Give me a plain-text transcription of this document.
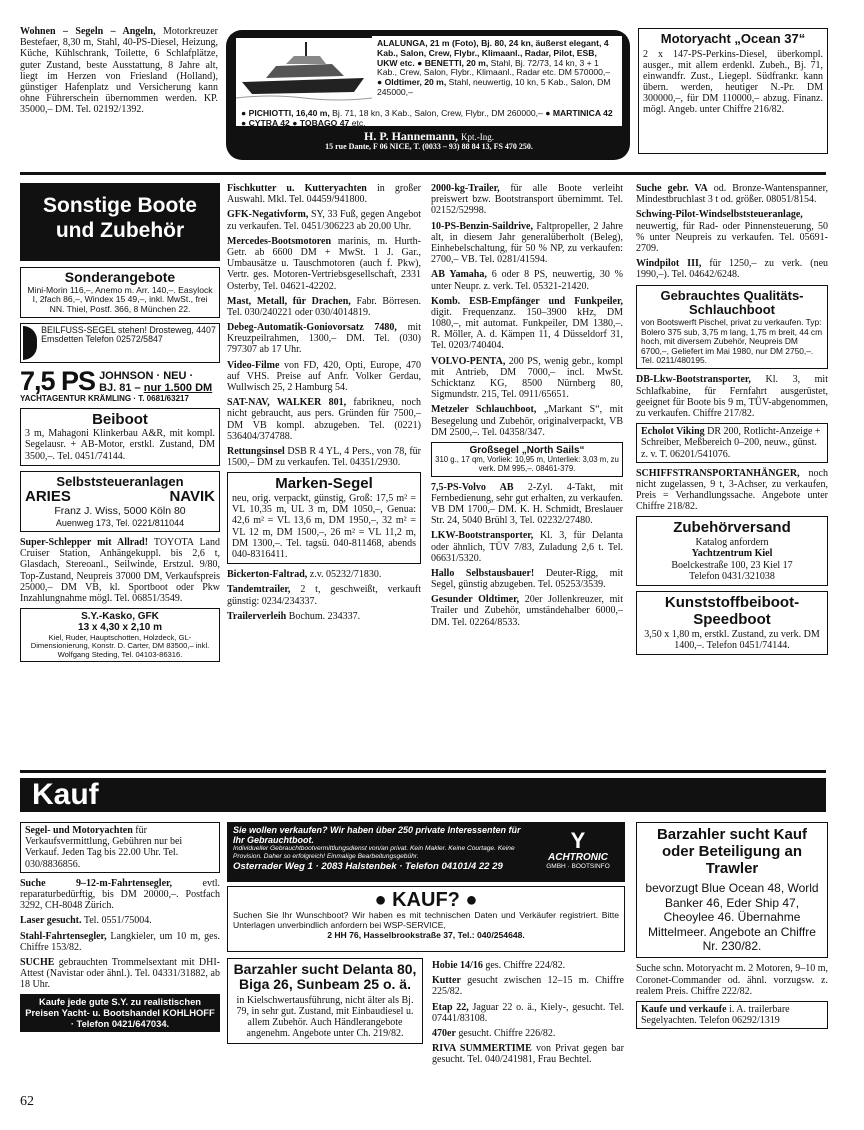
Wohnen – Segeln – Angeln, Motorkreuzer Bestefaer, 8,30 m, Stahl, 40-PS-Diesel, Heizung, Küche, Kühlschrank, Toilette, 6 Schlafplätze, guter Zustand, beste Ausstattung, 8 Jahre alt, liegt im Herzen von Friesland (Holland), günstiger Hafenplatz und Versicherung kann ohne Führerschein übernommen werden. KP. 35000,– DM. Tel. 02192/1392.
ALALUNGA, 21 m (Foto), Bj. 80, 24 kn, äußerst elegant, 4 Kab., Salon, Crew, Flybr., Klimaanl., Radar, Pilot, ESB, UKW etc. ● BENETTI, 20 m, Stahl, Bj. 72/73, 14 kn, 3 + 1 Kab., Crew, Salon, Flybr., Klimaanl., Radar etc. DM 570000,– ● Oldtimer, 20 m, Stahl, neuwertig, 10 kn, 5 Kab., Salon, DM 245000,–
● PICHIOTTI, 16,40 m, Bj. 71, 18 kn, 3 Kab., Salon, Crew, Flybr., DM 260000,– ● MARTINICA 42 ● CYTRA 42 ● TOBAGO 47 etc.
H. P. Hannemann, Kpt.-Ing.
15 rue Dante, F 06 NICE, T. (0033 – 93) 88 84 13, FS 470 250.
Motoryacht „Ocean 37“
2 x 147-PS-Perkins-Diesel, überkompl. ausger., mit allem erdenkl. Zubeh., Bj. 71, einwandfr. Zust., Liegepl. Südfrankr. kann übern. werden, heutiger N.-Pr. DM 300000,–, für DM 110000,– abzug. Finanz. mögl. Angeb. unter Chiffre 216/82.
Sonstige Boote und Zubehör
Sonderangebote
Mini-Morin 116,–, Anemo m. Arr. 140,–. Easylock I, 2fach 86,–, Windex 15 49,–, inkl. MwSt., frei NN. Thiel, Postf. 366, 8 München 22.
BEILFUSS-SEGEL stehen! Drosteweg, 4407 Emsdetten Telefon 02572/5847
7,5 PS JOHNSON · NEU ·
BJ. 81 – nur 1.500 DM
YACHTAGENTUR KRÄMLING · T. 0681/63217
Beiboot
3 m, Mahagoni Klinkerbau A&R, mit kompl. Segelausr. + AB-Motor, erstkl. Zustand, DM 3500,–. Tel. 0451/74144.
Selbststeueranlagen
ARIES	NAVIK
Franz J. Wiss, 5000 Köln 80
Auenweg 173, Tel. 0221/811044
Super-Schlepper mit Allrad! TOYOTA Land Cruiser Station, Anhängekuppl. bis 2,6 t, Glasdach, Stereoanl., Seilwinde, Erstzul. 9/80, Top-Zustand, Neupreis 37000 DM, Verkaufspreis 25000,– DM VB, kl. Sportboot oder Pkw Inzahlungnahme mögl. Tel. 06851/3549.
S.Y.-Kasko, GFK
13 x 4,30 x 2,10 m
Kiel, Ruder, Hauptschotten, Holzdeck, GL-Dimensionierung, Konstr. D. Carter, DM 83500,– inkl.
Wolfgang Steding, Tel. 04103-86316.
Fischkutter u. Kutteryachten in großer Auswahl. Mkl. Tel. 04459/941800.
GFK-Negativform, SY, 33 Fuß, gegen Angebot zu verkaufen. Tel. 0451/306223 ab 20.00 Uhr.
Mercedes-Bootsmotoren marinis, m. Hurth-Getr. ab 6600 DM + MwSt. 1 J. Gar., Umbausätze u. Tauschmotoren (auch f. Pkw), Vertr. ges. Motoren-Vertriebsgesellschaft, 2331 Osterby, Tel. 04621-42202.
Mast, Metall, für Drachen, Fabr. Börresen. Tel. 030/240221 oder 030/4014819.
Debeg-Automatik-Goniovorsatz 7480, mit Kreuzpeilrahmen, 1300,– DM. Tel. (030) 797307 ab 17 Uhr.
Video-Filme von FD, 420, Opti, Europe, 470 auf VHS. Preise auf Anfr. Volker Gerdau, Wullwisch 25, 2 Hamburg 54.
SAT-NAV, WALKER 801, fabrikneu, noch nicht gebraucht, aus pers. Gründen für 7500,– DM VB kompl. abzugeben. Tel. (0221) 536404/374788.
Rettungsinsel DSB R 4 YL, 4 Pers., von 78, für 1500,– DM zu verkaufen. Tel. 04351/2930.
Marken-Segel
neu, orig. verpackt, günstig, Groß: 17,5 m² = VL 10,35 m, UL 3 m, DM 1050,–, Genua: 42,6 m² = VL 13,6 m, DM 1950,–, 32 m² = VL 12 m, DM 1500,–, 26 m² = VL 11,2 m, DM 1300,–. Tel. tagsü. 040-811468, abends 040-8316411.
Bickerton-Faltrad, z.v. 05232/71830.
Tandemtrailer, 2 t, geschweißt, verkauft günstig: 0234/234337.
Trailerverleih Bochum. 234337.
2000-kg-Trailer, für alle Boote verleiht preiswert bzw. Bootstransport übernimmt. Tel. 02152/52998.
10-PS-Benzin-Saildrive, Faltpropeller, 2 Jahre alt, in diesem Jahr generalüberholt (Beleg), Einhebelschaltung, für 50 % NP, zu verkaufen: 2700,– VB. Tel. 0281/41594.
AB Yamaha, 6 oder 8 PS, neuwertig, 30 % unter Neupr. z. verk. Tel. 05321-21420.
Komb. ESB-Empfänger und Funkpeiler, digit. Frequenzanz. 150–3900 kHz, DM 1080,–, mit automat. Funkpeiler, DM 1380,–. R. Möller, A. d. Kämpen 11, 4 Düsseldorf 31, Tel. 0203/740404.
VOLVO-PENTA, 200 PS, wenig gebr., kompl mit Antrieb, DM 7000,– incl. MwSt. Schicktanz KG, 8500 Nürnberg 80, Sigmundstr. 215, Tel. 0911/65651.
Metzeler Schlauchboot, „Markant S“, mit Besegelung und Zubehör, originalverpackt, VB DM 2500,–. Tel. 04358/347.
Großsegel „North Sails“
310 g., 17 qm, Vorliek: 10,95 m, Unterliek: 3,03 m, zu verk. DM 995,–. 08461-379.
7,5-PS-Volvo AB 2-Zyl. 4-Takt, mit Fernbedienung, sehr gut erhalten, zu verkaufen. VB DM 1700,– DM. K. H. Schmidt, Breslauer Str. 24, 5040 Brühl 3, Tel. 02232/27480.
LKW-Bootstransporter, Kl. 3, für Delanta oder ähnlich, TÜV 7/83, Zuladung 2,6 t. Tel. 06631/5320.
Hallo Selbstausbauer! Deuter-Rigg, mit Segel, günstig abzugeben. Tel. 05253/3539.
Gesunder Oldtimer, 20er Jollenkreuzer, mit Trailer und Zubehör, umständehalber 6000,– DM. Tel. 02264/8533.
Suche gebr. VA od. Bronze-Wantenspanner, Mindestbruchlast 3 t od. größer. 08051/8154.
Schwing-Pilot-Windselbststeueranlage, neuwertig, für Rad- oder Pinnensteuerung, 50 % unter Neupreis zu verkaufen. Tel. 05691-2709.
Windpilot III, für 1250,– zu verk. (neu 1990,–). Tel. 04642/6248.
Gebrauchtes Qualitäts-Schlauchboot
von Bootswerft Pischel, privat zu verkaufen. Typ: Bolero 375 sub, 3,75 m lang, 1,75 m breit, 44 cm hoch, mit diversem Zubehör, Neupreis DM 6700,–, Geliefert im Mai 1980, nur DM 2750,–. Tel. 0211/480195.
DB-Lkw-Bootstransporter, Kl. 3, mit Schlafkabine, für Fernfahrt ausgerüstet, geeignet für Boote bis 9 m, TÜV-abgenommen, zu verkaufen. Chiffre 217/82.
Echolot Viking DR 200, Rotlicht-Anzeige + Schreiber, Meßbereich 0–200, neuw., günst. z. v. T. 06201/541076.
SCHIFFSTRANSPORTANHÄNGER, noch nicht zugelassen, 9 t, 3-Achser, zu verkaufen, Preis = Verhandlungssache. Angebote unter Chiffre 218/82.
Zubehörversand
Katalog anfordern
Yachtzentrum Kiel
Boelckestraße 100, 23 Kiel 17
Telefon 0431/321038
Kunststoffbeiboot-Speedboot
3,50 x 1,80 m, erstkl. Zustand, zu verk. DM 1400,–. Telefon 0451/74144.
Kauf
Segel- und Motoryachten für Verkaufsvermittlung, Gebühren nur bei Verkauf. Jeden Tag bis 22.00 Uhr. Tel. 030/8836856.
Suche 9–12-m-Fahrtensegler,	evtl. reparaturbedürftig, bis DM 20000,–. Postfach 3292, CH-8048 Zürich.
Laser gesucht. Tel. 0551/75004.
Stahl-Fahrtensegler, Langkieler, um 10 m, ges. Chiffre 153/82.
SUCHE gebrauchten Trommelsextant mit DHI-Attest (Navistar oder ähnl.). Tel. 04331/31882, ab 18 Uhr.
Kaufe jede gute S.Y. zu realistischen Preisen Yacht- u. Bootshandel KOHLHOFF · Telefon 0421/647034.
Sie wollen verkaufen? Wir haben über 250 private Interessenten für Ihr Gebrauchtboot.
Individueller Gebrauchtbootvermittlungsdienst von/an privat. Kein Makler. Keine Courtage. Keine Provision. Daher so erfolgreich! Einmalige Bearbeitungsgebühr.
Osterrader Weg 1 · 2083 Halstenbek · Telefon 04101/4 22 29
Y
ACHTRONIC
GMBH · BOOTSINFO
● KAUF? ●
Suchen Sie Ihr Wunschboot? Wir haben es mit technischen Daten und Verkäufer registriert. Bitte Unterlagen unverbindlich anfordern bei WSP-SERVICE,
2 HH 76, Hasselbrookstraße 37, Tel.: 040/254648.
Barzahler sucht Delanta 80, Biga 26, Sunbeam 25 o. ä.
in Kielschwertausführung, nicht älter als Bj. 79, in sehr gut. Zustand, mit Einbaudiesel u. allem Zubehör. Auch Händlerangebote angenehm. Angebote unter Ch. 219/82.
Hobie 14/16 ges. Chiffre 224/82.
Kutter gesucht zwischen 12–15 m. Chiffre 225/82.
Etap 22, Jaguar 22 o. ä., Kiely-, gesucht. Tel. 07441/83108.
470er gesucht. Chiffre 226/82.
RIVA SUMMERTIME von Privat gegen bar gesucht. Tel. 040/241981, Frau Bechtel.
Barzahler sucht Kauf oder Beteiligung an Trawler
bevorzugt Blue Ocean 48, World Banker 46, Eder Ship 47, Cheoylee 46. Übernahme Mittelmeer. Angebote an Chiffre Nr. 230/82.
Suche schn. Motoryacht m. 2 Motoren, 9–10 m, Coronet-Commander od. ähnl. vorzugsw. z. realem Preis. Chiffre 222/82.
Kaufe und verkaufe i. A. trailerbare Segelyachten. Telefon 06292/1319
62
